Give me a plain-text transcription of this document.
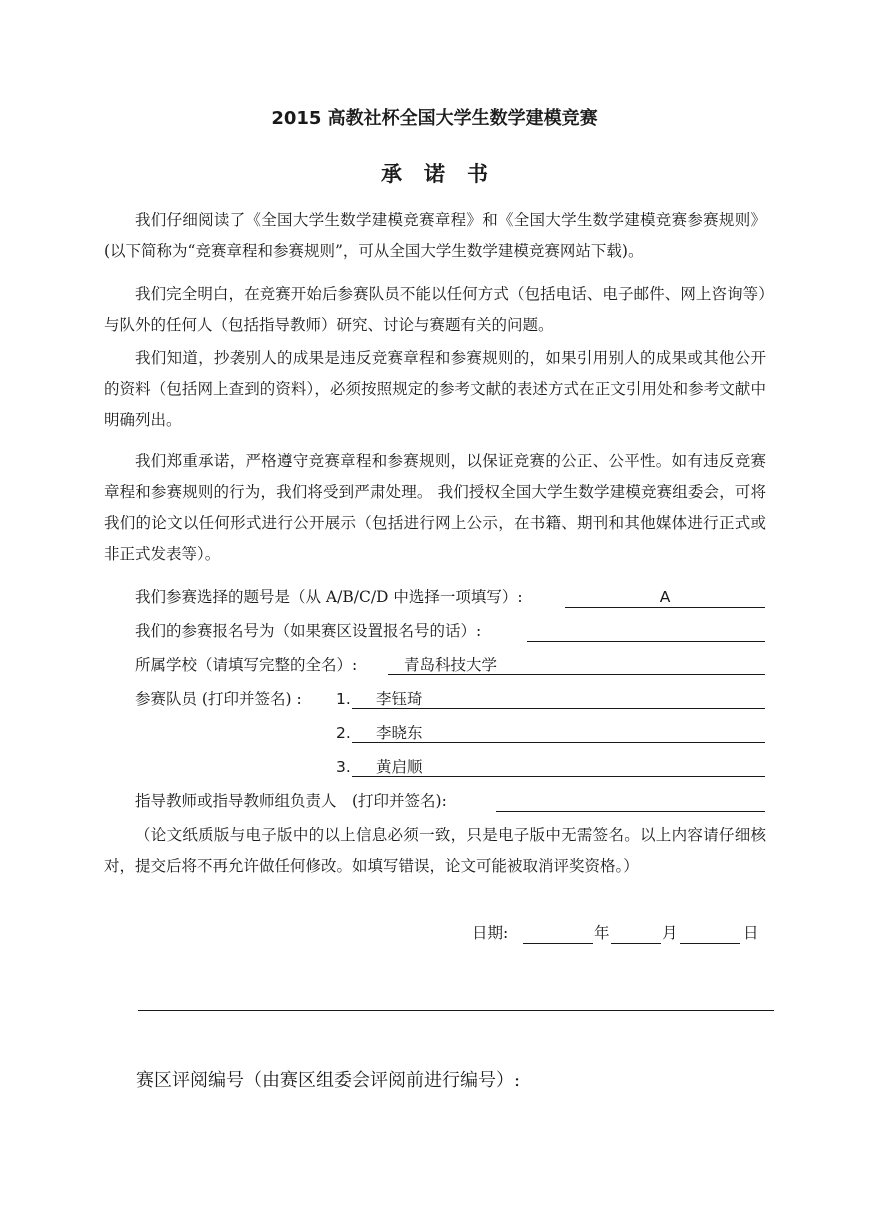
2015 高教社杯全国大学生数学建模竞赛
承诺书
我们仔细阅读了《全国大学生数学建模竞赛章程》和《全国大学生数学建模竞赛参赛规则》(以下简称为“竞赛章程和参赛规则”，可从全国大学生数学建模竞赛网站下载)。
我们完全明白，在竞赛开始后参赛队员不能以任何方式（包括电话、电子邮件、网上咨询等）与队外的任何人（包括指导教师）研究、讨论与赛题有关的问题。
我们知道，抄袭别人的成果是违反竞赛章程和参赛规则的，如果引用别人的成果或其他公开的资料（包括网上查到的资料），必须按照规定的参考文献的表述方式在正文引用处和参考文献中明确列出。
我们郑重承诺，严格遵守竞赛章程和参赛规则，以保证竞赛的公正、公平性。如有违反竞赛章程和参赛规则的行为，我们将受到严肃处理。 我们授权全国大学生数学建模竞赛组委会，可将我们的论文以任何形式进行公开展示（包括进行网上公示，在书籍、期刊和其他媒体进行正式或非正式发表等）。
我们参赛选择的题号是（从 A/B/C/D 中选择一项填写）:	A
我们的参赛报名号为（如果赛区设置报名号的话）:
所属学校（请填写完整的全名）:	青岛科技大学
参赛队员 (打印并签名) : 1.	李钰琦
2.	李晓东
3.	黄启顺
指导教师或指导教师组负责人　(打印并签名):
（论文纸质版与电子版中的以上信息必须一致，只是电子版中无需签名。以上内容请仔细核对，提交后将不再允许做任何修改。如填写错误，论文可能被取消评奖资格。）
日期:	年	月	日
赛区评阅编号（由赛区组委会评阅前进行编号）:
